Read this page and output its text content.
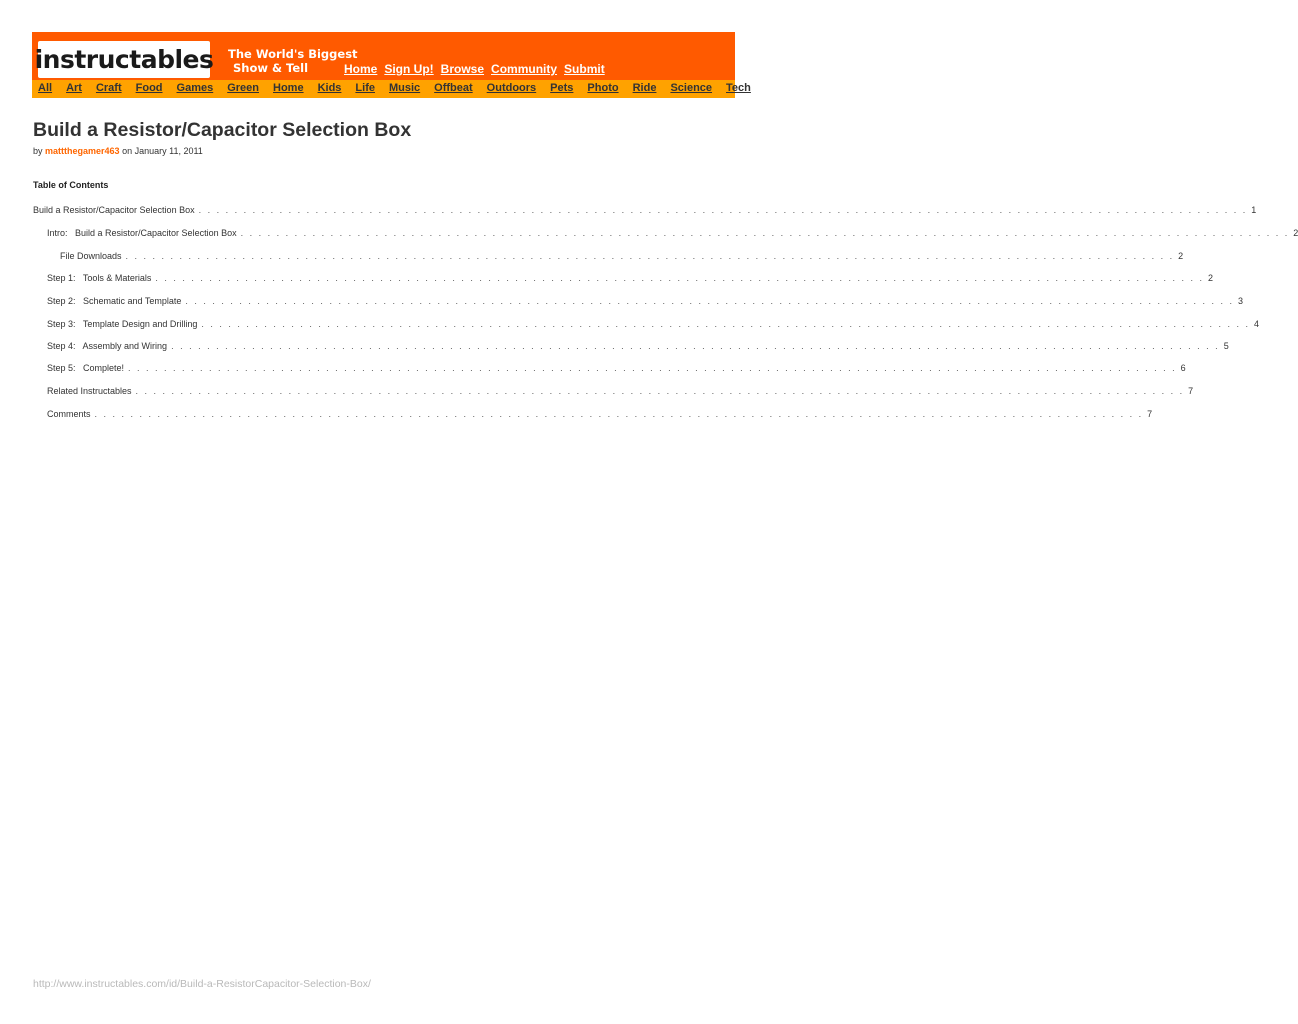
instructables The World's Biggest
Show & Tell	Home Sign Up! Browse Community Submit
All Art Craft Food Games Green Home Kids Life Music Offbeat Outdoors Pets Photo Ride Science Tech
Build a Resistor/Capacitor Selection Box
by mattthegamer463 on January 11, 2011
Table of Contents
Build a Resistor/Capacitor Selection Box . . . . . . . . . . . . . . . . . . . . . . . . . . . . . . . . . . . . . . . . . . . . . . . . . . . . . . . . . . . . . . . . . . . . . . . . . . . . . . . . . . . . . . . . . . . . . . . . . . . . . . . . . . . . . . . . . . . . . 1
Intro:   Build a Resistor/Capacitor Selection Box . . . . . . . . . . . . . . . . . . . . . . . . . . . . . . . . . . . . . . . . . . . . . . . . . . . . . . . . . . . . . . . . . . . . . . . . . . . . . . . . . . . . . . . . . . . . . . . . . . . . . . . . . . . . . . . . . . . . . 2
File Downloads . . . . . . . . . . . . . . . . . . . . . . . . . . . . . . . . . . . . . . . . . . . . . . . . . . . . . . . . . . . . . . . . . . . . . . . . . . . . . . . . . . . . . . . . . . . . . . . . . . . . . . . . . . . . . . . . . . . . . 2
Step 1:   Tools & Materials . . . . . . . . . . . . . . . . . . . . . . . . . . . . . . . . . . . . . . . . . . . . . . . . . . . . . . . . . . . . . . . . . . . . . . . . . . . . . . . . . . . . . . . . . . . . . . . . . . . . . . . . . . . . . . . . . . . . . 2
Step 2:   Schematic and Template . . . . . . . . . . . . . . . . . . . . . . . . . . . . . . . . . . . . . . . . . . . . . . . . . . . . . . . . . . . . . . . . . . . . . . . . . . . . . . . . . . . . . . . . . . . . . . . . . . . . . . . . . . . . . . . . . . . . . 3
Step 3:   Template Design and Drilling . . . . . . . . . . . . . . . . . . . . . . . . . . . . . . . . . . . . . . . . . . . . . . . . . . . . . . . . . . . . . . . . . . . . . . . . . . . . . . . . . . . . . . . . . . . . . . . . . . . . . . . . . . . . . . . . . . . . . 4
Step 4:   Assembly and Wiring . . . . . . . . . . . . . . . . . . . . . . . . . . . . . . . . . . . . . . . . . . . . . . . . . . . . . . . . . . . . . . . . . . . . . . . . . . . . . . . . . . . . . . . . . . . . . . . . . . . . . . . . . . . . . . . . . . . . . 5
Step 5:   Complete! . . . . . . . . . . . . . . . . . . . . . . . . . . . . . . . . . . . . . . . . . . . . . . . . . . . . . . . . . . . . . . . . . . . . . . . . . . . . . . . . . . . . . . . . . . . . . . . . . . . . . . . . . . . . . . . . . . . . . 6
Related Instructables . . . . . . . . . . . . . . . . . . . . . . . . . . . . . . . . . . . . . . . . . . . . . . . . . . . . . . . . . . . . . . . . . . . . . . . . . . . . . . . . . . . . . . . . . . . . . . . . . . . . . . . . . . . . . . . . . . . . . 7
Comments . . . . . . . . . . . . . . . . . . . . . . . . . . . . . . . . . . . . . . . . . . . . . . . . . . . . . . . . . . . . . . . . . . . . . . . . . . . . . . . . . . . . . . . . . . . . . . . . . . . . . . . . . . . . . . . . . . . . . 7
http://www.instructables.com/id/Build-a-ResistorCapacitor-Selection-Box/
